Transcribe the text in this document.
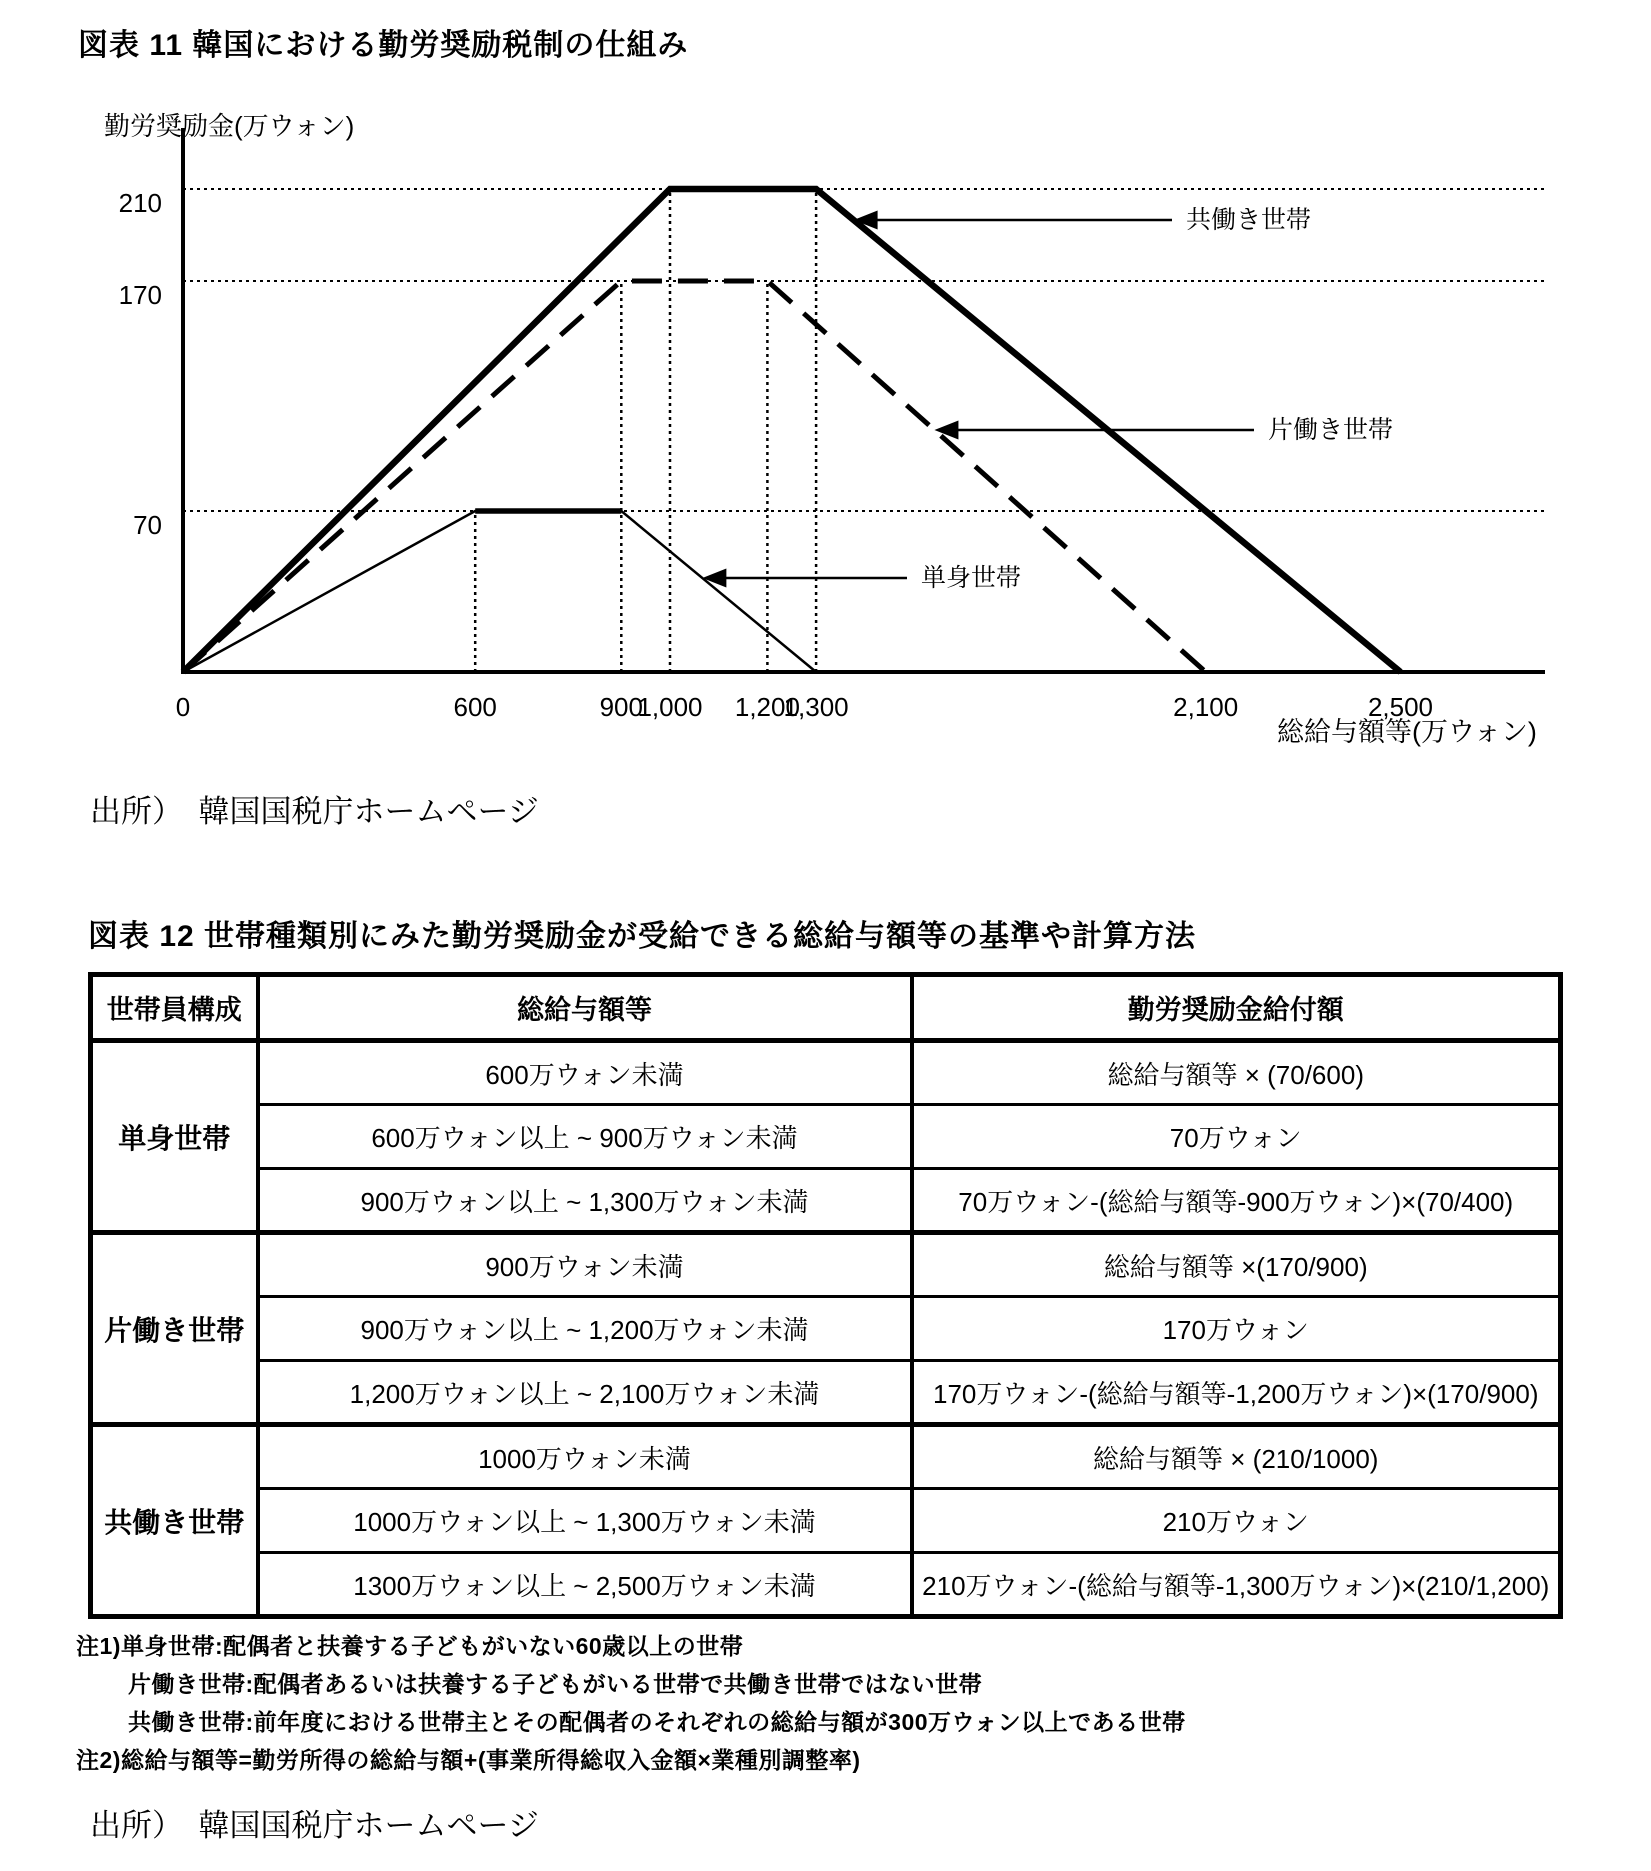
図表 11 韓国における勤労奨励税制の仕組み
勤労奨励金(万ウォン)
210
170
70
0	600	900
1,000 1,200
1,300	2,100	2,500
共働き世帯
片働き世帯
単身世帯
総給与額等(万ウォン)
出所）　韓国国税庁ホームページ
図表 12 世帯種類別にみた勤労奨励金が受給できる総給与額等の基準や計算方法
世帯員構成	総給与額等	勤労奨励金給付額
単身世帯	600万ウォン未満	総給与額等 × (70/600)
	600万ウォン以上 ~ 900万ウォン未満	70万ウォン
	900万ウォン以上 ~ 1,300万ウォン未満	70万ウォン-(総給与額等-900万ウォン)×(70/400)
片働き世帯	900万ウォン未満	総給与額等 ×(170/900)
	900万ウォン以上 ~ 1,200万ウォン未満	170万ウォン
	1,200万ウォン以上 ~ 2,100万ウォン未満	170万ウォン-(総給与額等-1,200万ウォン)×(170/900)
共働き世帯	1000万ウォン未満	総給与額等 × (210/1000)
	1000万ウォン以上 ~ 1,300万ウォン未満	210万ウォン
	1300万ウォン以上 ~ 2,500万ウォン未満	210万ウォン-(総給与額等-1,300万ウォン)×(210/1,200)
注1)単身世帯:配偶者と扶養する子どもがいない60歳以上の世帯
片働き世帯:配偶者あるいは扶養する子どもがいる世帯で共働き世帯ではない世帯
共働き世帯:前年度における世帯主とその配偶者のそれぞれの総給与額が300万ウォン以上である世帯
注2)総給与額等=勤労所得の総給与額+(事業所得総収入金額×業種別調整率)
出所）　韓国国税庁ホームページ
